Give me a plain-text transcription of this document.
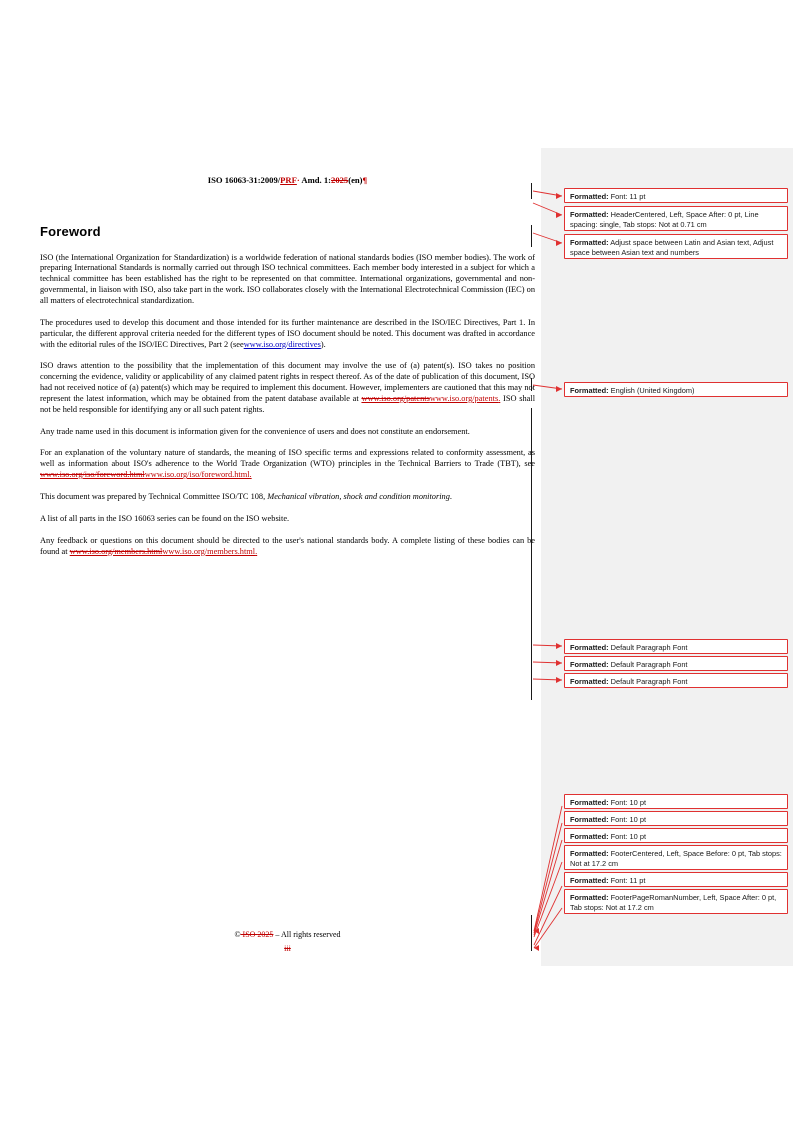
ISO 16063-31:2009/PRF· Amd. 1:2025(en)¶
Foreword

ISO (the International Organization for Standardization) is a worldwide federation of national standards bodies (ISO member bodies). The work of preparing International Standards is normally carried out through ISO technical committees. Each member body interested in a subject for which a technical committee has been established has the right to be represented on that committee. International organizations, governmental and non-governmental, in liaison with ISO, also take part in the work. ISO collaborates closely with the International Electrotechnical Commission (IEC) on all matters of electrotechnical standardization.

The procedures used to develop this document and those intended for its further maintenance are described in the ISO/IEC Directives, Part 1. In particular, the different approval criteria needed for the different types of ISO document should be noted. This document was drafted in accordance with the editorial rules of the ISO/IEC Directives, Part 2 (seewww.iso.org/directives).

ISO draws attention to the possibility that the implementation of this document may involve the use of (a) patent(s). ISO takes no position concerning the evidence, validity or applicability of any claimed patent rights in respect thereof. As of the date of publication of this document, ISO had not received notice of (a) patent(s) which may be required to implement this document. However, implementers are cautioned that this may not represent the latest information, which may be obtained from the patent database available at www.iso.org/patentswww.iso.org/patents. ISO shall not be held responsible for identifying any or all such patent rights.

Any trade name used in this document is information given for the convenience of users and does not constitute an endorsement.

For an explanation of the voluntary nature of standards, the meaning of ISO specific terms and expressions related to conformity assessment, as well as information about ISO's adherence to the World Trade Organization (WTO) principles in the Technical Barriers to Trade (TBT), see www.iso.org/iso/foreword.htmlwww.iso.org/iso/foreword.html.

This document was prepared by Technical Committee ISO/TC 108, Mechanical vibration, shock and condition monitoring.

A list of all parts in the ISO 16063 series can be found on the ISO website.

Any feedback or questions on this document should be directed to the user's national standards body. A complete listing of these bodies can be found at www.iso.org/members.htmlwww.iso.org/members.html.

© ISO 2025 – All rights reserved
iii
Formatted: Font: 11 pt
Formatted: HeaderCentered, Left, Space After: 0 pt, Line spacing: single, Tab stops: Not at 0.71 cm
Formatted: Adjust space between Latin and Asian text, Adjust space between Asian text and numbers
Formatted: English (United Kingdom)
Formatted: Default Paragraph Font
Formatted: Default Paragraph Font
Formatted: Default Paragraph Font
Formatted: Font: 10 pt
Formatted: Font: 10 pt
Formatted: Font: 10 pt
Formatted: FooterCentered, Left, Space Before: 0 pt, Tab stops: Not at 17.2 cm
Formatted: Font: 11 pt
Formatted: FooterPageRomanNumber, Left, Space After: 0 pt, Tab stops: Not at 17.2 cm
